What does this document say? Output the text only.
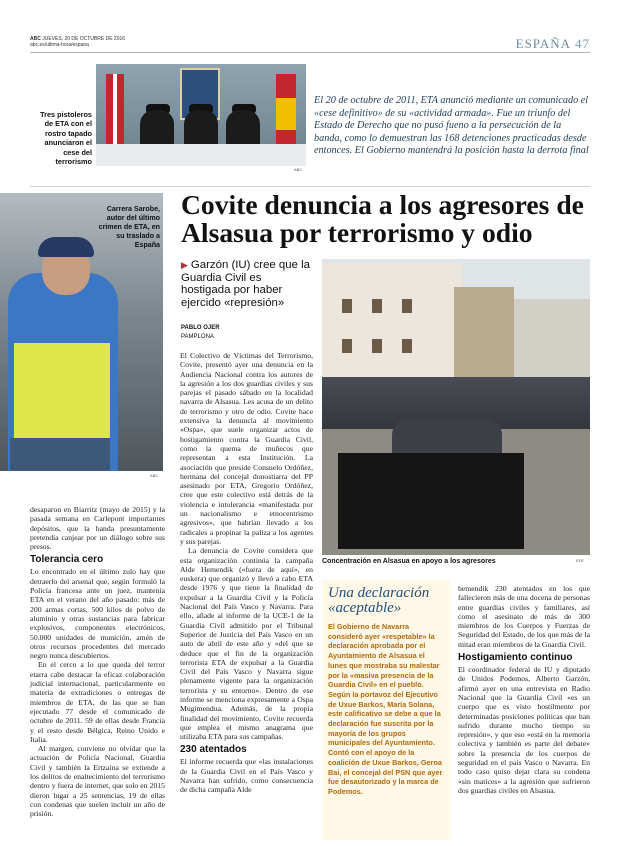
ABC JUEVES, 20 DE OCTUBRE DE 2016
abc.es/ultima-hora/espana	ESPAÑA 47
Tres pistoleros de ETA con el rostro tapado anunciaron el cese del terrorismo
ABC
El 20 de octubre de 2011, ETA anunció mediante un comunicado el «cese definitivo» de su «actividad armada». Fue un triunfo del Estado de Derecho que no pusó fueno a la persecución de la banda, como lo demuestran las 168 detenciones practicadas desde entonces. El Gobierno mantendrá la posición hasta la derrota final
Carrera Sarobe, autor del último crimen de ETA, en su traslado a España
ABC

desaparon en Biarritz (mayo de 2015) y la pasada semana en Carlepont importantes depósitos, que la banda presuntamente pretendía canjear por un diálogo sobre sus presos.

Tolerancia cero

Lo encontrado en el último zulo hay que detraerlo del arsenal que, según formuló la Policía francesa ante un juez, mantenía ETA en el verano del año pasado: más de 200 armas cortas, 500 kilos de polvo de aluminio y otras sustancias para fabricar explosivos, componentes electrónicos, 50.000 unidades de munición, amén de otros recursos procedentes del mercado negro nunca descubiertos.

En el cerco a lo que queda del terror etarra cabe destacar la eficaz colaboración judicial internacional, particularmente en materia de extradiciones o entregas de miembros de ETA, de las que se han ejecutado 77 desde el comunicado de octubre de 2011. 59 de ellas desde Francia y el resto desde Bélgica, Reino Unido e Italia.

Al margen, conviene no olvidar que la actuación de Policía Nacional, Guardia Civil y también la Ertzaina se extiende a los delitos de enaltecimiento del terrorismo dentro y fuera de internet, que solo en 2015 dieron lugar a 25 sentencias, 19 de ellas con condenas que suelen incluir un año de prisión.

Covite denuncia a los agresores de Alsasua por terrorismo y odio
▶ Garzón (IU) cree que la Guardia Civil es hostigada por haber ejercido «represión»
PABLO OJER
PAMPLONA

El Colectivo de Víctimas del Terrorismo, Covite, presentó ayer una denuncia en la Audiencia Nacional contra los autores de la agresión a los dos guardias civiles y sus parejas el pasado sábado en la localidad navarra de Alsasua. Les acusa de un delito de terrorismo y otro de odio. Covite hace extensiva la denuncia al movimiento «Ospa», que suele organizar actos de hostigamiento contra la Guardia Civil, como la quema de muñecos que representan a esta Institución. La asociación que preside Consuelo Ordóñez, hermana del concejal donostiarra del PP asesinado por ETA, Gregorio Ordóñez, cree que este colectivo está detrás de la violencia e intolerancia «manifestada por un nacionalismo e etnocentrismo agresivos», que habrían llevado a los radicales a propinar la paliza a los agentes y sus parejas.

La denuncia de Covite considera que esta organización continúa la campaña Alde Hemendik («fuera de aquí», en euskera) que organizó y llevó a cabo ETA desde 1976 y que tiene la finalidad de expulsar a la Guardia Civil y la Policía Nacional del País Vasco y Navarra. Para ello, añade al informe de la UCE-1 de la Guardia Civil admitido por el Tribunal Superior de Justicia del País Vasco en un auto de abril de este año y «del que se deduce que el fin de la organización terrorista ETA de expulsar a la Guardia Civil del País Vasco y Navarra sigue plenamente vigente para la organización terrorista y su entorno». Dentro de ese informe se menciona expresamente a Ospa Mugimendua. Además, de la propia finalidad del movimiento, Covite recuerda que emplea el mismo anagrama que utilizaba ETA para sus campañas.

230 atentados

El informe recuerda que «las instalaciones de la Guardia Civil en el País Vasco y Navarra han sufrido, como consecuencia de dicha campaña Alde

Concentración en Alsasua en apoyo a los agresores	EFE
Una declaración «aceptable»

El Gobierno de Navarra consideró ayer «respetable» la declaración aprobada por el Ayuntamiento de Alsasua el lunes que mostraba su malestar por la «masiva presencia de la Guardia Civil» en el pueblo. Según la portavoz del Ejecutivo de Uxue Barkos, María Solana, este calificativo se debe a que la declaración fue suscrita por la mayoría de los grupos municipales del Ayuntamiento. Contó con el apoyo de la coalición de Uxue Barkos, Geroa Bai, el concejal del PSN que ayer fue desautorizado y la marca de Podemos.

hemendik 230 atentados en los que fallecieron más de una docena de personas entre guardias civiles y familiares, así como el asesinato de más de 300 miembros de los Cuerpos y Fuerzas de Seguridad del Estado, de los que más de la mitad eran miembros de la Guardia Civil.

Hostigamiento continuo

El coordinador federal de IU y diputado de Unidos Podemos, Alberto Garzón, afirmó ayer en una entrevista en Radio Nacional que la Guardia Civil «es un cuerpo que es visto hostilmente por determinadas posiciones políticas que han sufrido durante mucho tiempo su represión», y que eso «está en la memoria colectiva y también es parte del debate» sobre la presencia de los cuerpos de seguridad en el país Vasco o Navarra. En todo caso quiso dejar clara su condena «sin matices» a la agresión que sufrieron dos guardias civiles en Alsasua.
